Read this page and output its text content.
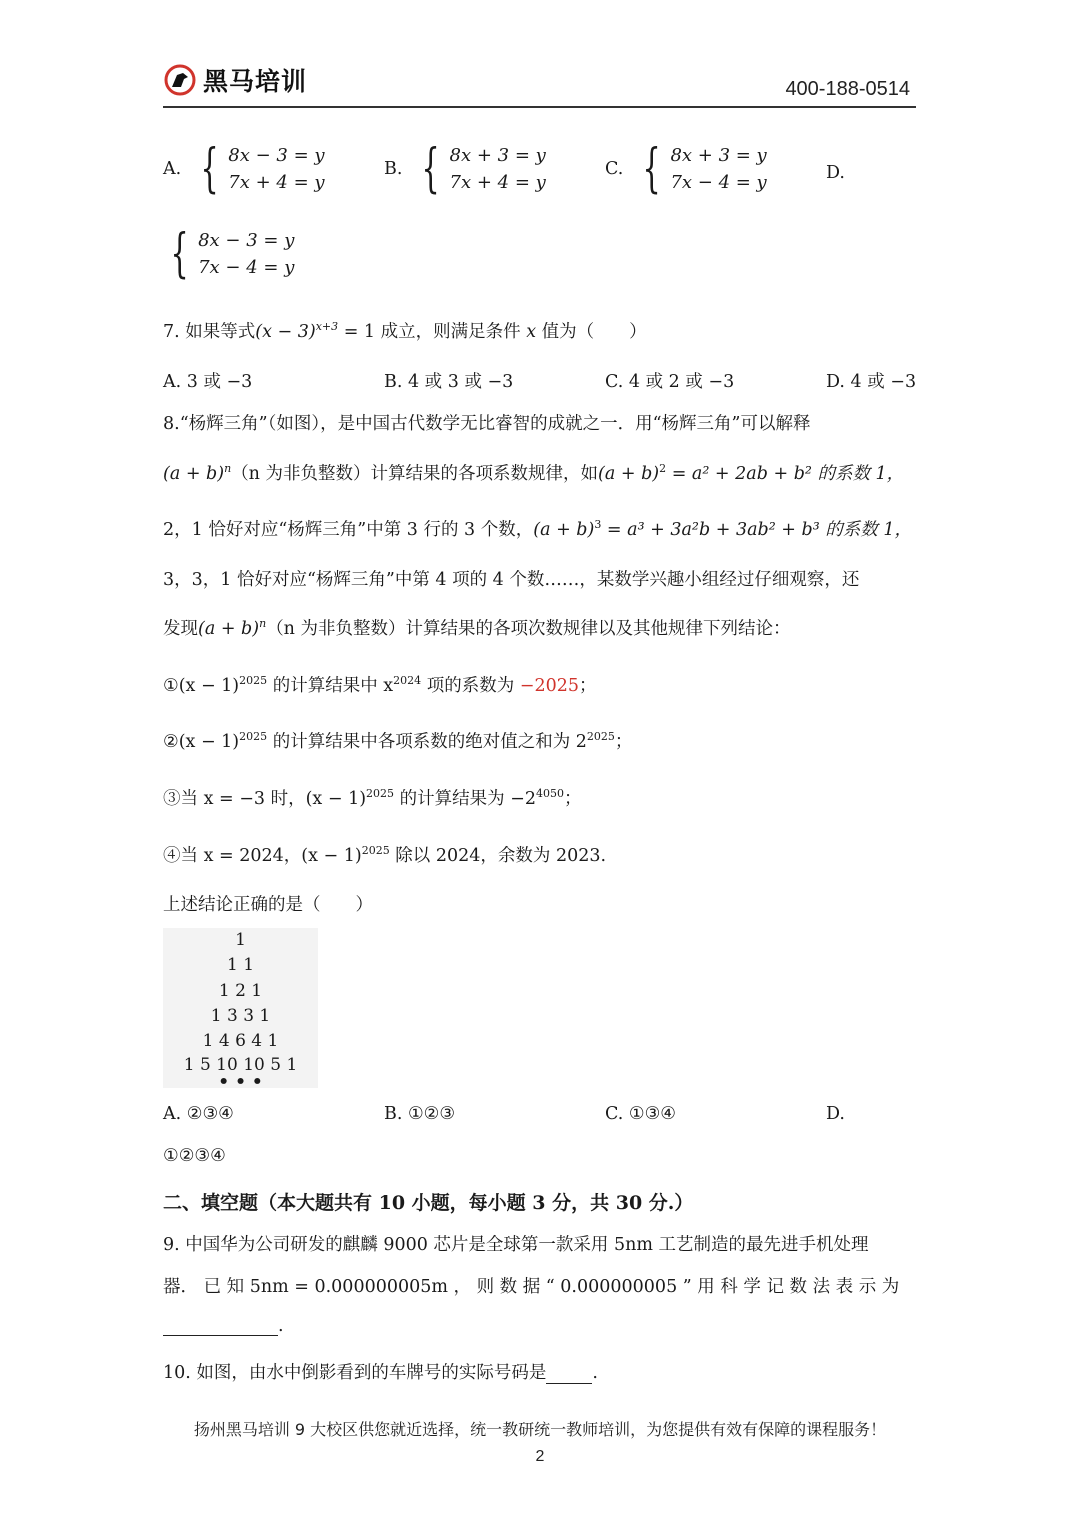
黑马培训	400-188-0514
A. { 8x − 3 = y
7x + 4 = y
B. { 8x + 3 = y
7x + 4 = y
C. { 8x + 3 = y
7x − 4 = y	D.
{ 8x − 3 = y
7x − 4 = y
7. 如果等式$(x - 3)^{x+3} = 1$ 成立，则满足条件 x 值为（　　）
A. 3 或 −3	B. 4 或 3 或 −3	C. 4 或 2 或 −3	D. 4 或 −3
8.“杨辉三角”（如图），是中国古代数学无比睿智的成就之一．用“杨辉三角”可以解释
$(a + b)^n(n$ 为非负整数）计算结果的各项系数规律，如$(a + b)^2 = a^2 + 2ab + b^2$ 的系数 1，
2，1 恰好对应“杨辉三角”中第 3 行的 3 个数，$(a + b)^3 = a^3 + 3a^2b + 3ab^2 + b^3$ 的系数 1，
3，3，1 恰好对应“杨辉三角”中第 4 项的 4 个数……，某数学兴趣小组经过仔细观察，还
发现$(a + b)^n(n$ 为非负整数）计算结果的各项次数规律以及其他规律下列结论：
①(x − 1)$^{2025}$ 的计算结果中 $x^{2024}$ 项的系数为 −2025；
②(x − 1)$^{2025}$ 的计算结果中各项系数的绝对值之和为 $2^{2025}$；
③当 x = −3 时，$(x - 1)^{2025}$ 的计算结果为 $-2^{4050}$；
④当 x = 2024，$(x - 1)^{2025}$ 除以 2024，余数为 2023.
上述结论正确的是（　　）
1
1 1
1 2 1
1 3 3 1
1 4 6 4 1
1 5 10 10 5 1
• • •
A. ②③④	B. ①②③	C. ①③④	D.
①②③④
二、填空题（本大题共有 10 小题，每小题 3 分，共 30 分.）
9. 中国华为公司研发的麒麟 9000 芯片是全球第一款采用 5nm 工艺制造的最先进手机处理
器． 已 知 5nm = 0.000000005m ， 则 数 据 “ 0.000000005 ” 用 科 学 记 数 法 表 示 为
.
10. 如图，由水中倒影看到的车牌号的实际号码是	.
扬州黑马培训 9 大校区供您就近选择，统一教研统一教师培训，为您提供有效有保障的课程服务！
2
